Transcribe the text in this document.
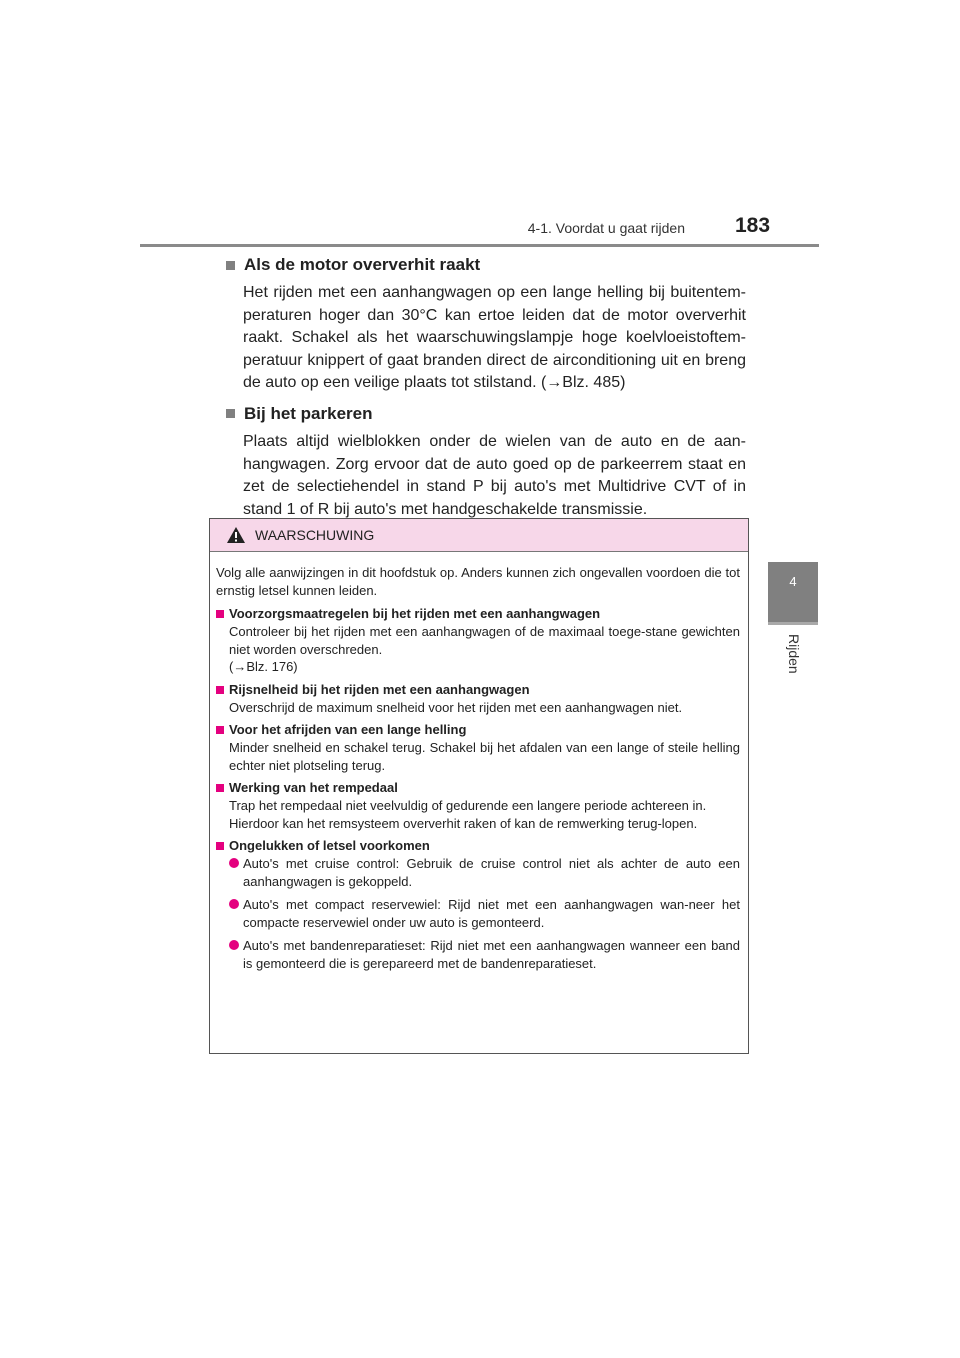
4-1. Voordat u gaat rijden 183
4
Rijden
Als de motor oververhit raakt
Het rijden met een aanhangwagen op een lange helling bij buitentem-peraturen hoger dan 30°C kan ertoe leiden dat de motor oververhit raakt. Schakel als het waarschuwingslampje hoge koelvloeistoftem-peratuur knippert of gaat branden direct de airconditioning uit en breng de auto op een veilige plaats tot stilstand. (→Blz. 485)
Bij het parkeren
Plaats altijd wielblokken onder de wielen van de auto en de aan-hangwagen. Zorg ervoor dat de auto goed op de parkeerrem staat en zet de selectiehendel in stand P bij auto's met Multidrive CVT of in stand 1 of R bij auto's met handgeschakelde transmissie.
WAARSCHUWING

Volg alle aanwijzingen in dit hoofdstuk op. Anders kunnen zich ongevallen voordoen die tot ernstig letsel kunnen leiden.

Voorzorgsmaatregelen bij het rijden met een aanhangwagen

Controleer bij het rijden met een aanhangwagen of de maximaal toege-stane gewichten niet worden overschreden.

(→Blz. 176)

Rijsnelheid bij het rijden met een aanhangwagen

Overschrijd de maximum snelheid voor het rijden met een aanhangwagen niet.

Voor het afrijden van een lange helling

Minder snelheid en schakel terug. Schakel bij het afdalen van een lange of steile helling echter niet plotseling terug.

Werking van het rempedaal

Trap het rempedaal niet veelvuldig of gedurende een langere periode achtereen in.

Hierdoor kan het remsysteem oververhit raken of kan de remwerking terug-lopen.

Ongelukken of letsel voorkomen
Auto's met cruise control: Gebruik de cruise control niet als achter de auto een aanhangwagen is gekoppeld.
Auto's met compact reservewiel: Rijd niet met een aanhangwagen wan-neer het compacte reservewiel onder uw auto is gemonteerd.
Auto's met bandenreparatieset: Rijd niet met een aanhangwagen wanneer een band is gemonteerd die is gerepareerd met de bandenreparatieset.
